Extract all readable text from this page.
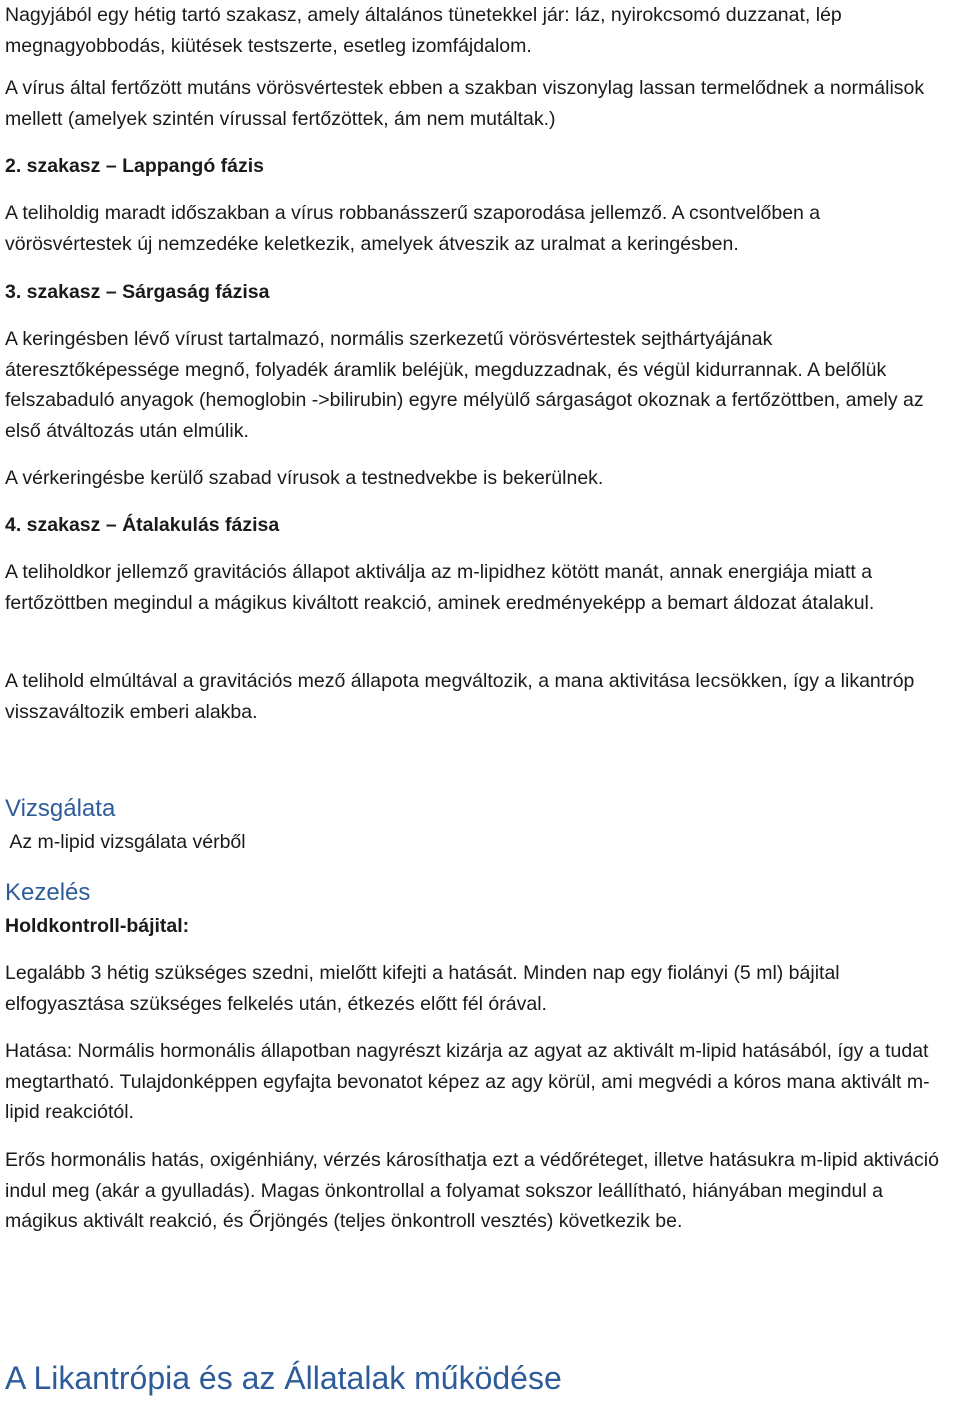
Nagyjából egy hétig tartó szakasz, amely általános tünetekkel jár: láz, nyirokcsomó duzzanat, lép megnagyobbodás, kiütések testszerte, esetleg izomfájdalom.

A vírus által fertőzött mutáns vörösvértestek ebben a szakban viszonylag lassan termelődnek a normálisok mellett (amelyek szintén vírussal fertőzöttek, ám nem mutáltak.)

2. szakasz – Lappangó fázis

A teliholdig maradt időszakban a vírus robbanásszerű szaporodása jellemző. A csontvelőben a vörösvértestek új nemzedéke keletkezik, amelyek átveszik az uralmat a keringésben.

3. szakasz – Sárgaság fázisa

A keringésben lévő vírust tartalmazó, normális szerkezetű vörösvértestek sejthártyájának áteresztőképessége megnő, folyadék áramlik beléjük, megduzzadnak, és végül kidurrannak. A belőlük felszabaduló anyagok (hemoglobin ->bilirubin) egyre mélyülő sárgaságot okoznak a fertőzöttben, amely az első átváltozás után elmúlik.

A vérkeringésbe kerülő szabad vírusok a testnedvekbe is bekerülnek.

4. szakasz – Átalakulás fázisa

A teliholdkor jellemző gravitációs állapot aktiválja az m-lipidhez kötött manát, annak energiája miatt a fertőzöttben megindul a mágikus kiváltott reakció, aminek eredményeképp a bemart áldozat átalakul.

A telihold elmúltával a gravitációs mező állapota megváltozik, a mana aktivitása lecsökken, így a likantróp visszaváltozik emberi alakba.

Vizsgálata

Az m-lipid vizsgálata vérből

Kezelés

Holdkontroll-bájital:

Legalább 3 hétig szükséges szedni, mielőtt kifejti a hatását. Minden nap egy fiolányi (5 ml) bájital elfogyasztása szükséges felkelés után, étkezés előtt fél órával.

Hatása: Normális hormonális állapotban nagyrészt kizárja az agyat az aktivált m-lipid hatásából, így a tudat megtartható. Tulajdonképpen egyfajta bevonatot képez az agy körül, ami megvédi a kóros mana aktivált m-lipid reakciótól.

Erős hormonális hatás, oxigénhiány, vérzés károsíthatja ezt a védőréteget, illetve hatásukra m-lipid aktiváció indul meg (akár a gyulladás). Magas önkontrollal a folyamat sokszor leállítható, hiányában megindul a mágikus aktivált reakció, és Őrjöngés (teljes önkontroll vesztés) következik be.

A Likantrópia és az Állatalak működése
